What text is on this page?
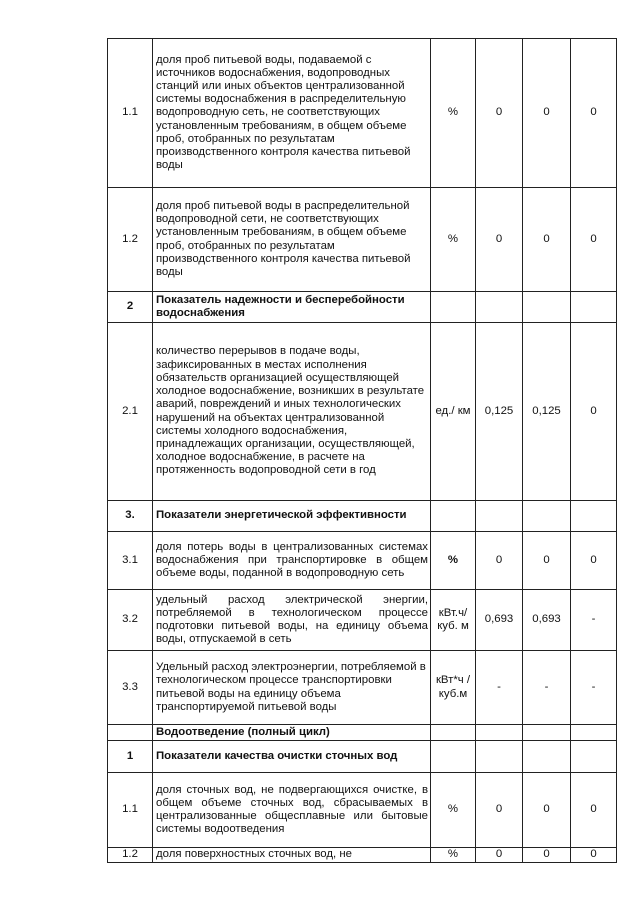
1.1	доля проб питьевой воды, подаваемой с источников водоснабжения, водопроводных станций или иных объектов централизованной системы водоснабжения в распределительную водопроводную сеть, не соответствующих установленным требованиям, в общем объеме проб, отобранных по результатам производственного контроля качества питьевой воды	%	0	0	0
1.2	доля проб питьевой воды в распределительной водопроводной сети, не соответствующих установленным требованиям, в общем объеме проб, отобранных по результатам производственного контроля качества питьевой воды	%	0	0	0
2	Показатель надежности и бесперебойности водоснабжения				
2.1	количество перерывов в подаче воды, зафиксированных в местах исполнения обязательств организацией осуществляющей холодное водоснабжение, возникших в результате аварий, повреждений и иных технологических нарушений на объектах централизованной системы холодного водоснабжения, принадлежащих организации, осуществляющей, холодное водоснабжение, в расчете на протяженность водопроводной сети в год	ед./ км	0,125	0,125	0
3.	Показатели энергетической эффективности				
3.1	доля потерь воды в централизованных системах водоснабжения при транспортировке в общем объеме воды, поданной в водопроводную сеть	%	0	0	0
3.2	удельный расход электрической энергии, потребляемой в технологическом процессе подготовки питьевой воды, на единицу объема воды, отпускаемой в сеть	кВт.ч/ куб. м	0,693	0,693	-
3.3	Удельный расход электроэнергии, потребляемой в технологическом процессе транспортировки питьевой воды на единицу объема транспортируемой питьевой воды	кВт*ч / куб.м	-	-	-
	Водоотведение (полный цикл)				
1	Показатели качества очистки сточных вод				
1.1	доля сточных вод, не подвергающихся очистке, в общем объеме сточных вод, сбрасываемых в централизованные общесплавные или бытовые системы водоотведения	%	0	0	0
1.2	доля поверхностных сточных вод, не	%	0	0	0
